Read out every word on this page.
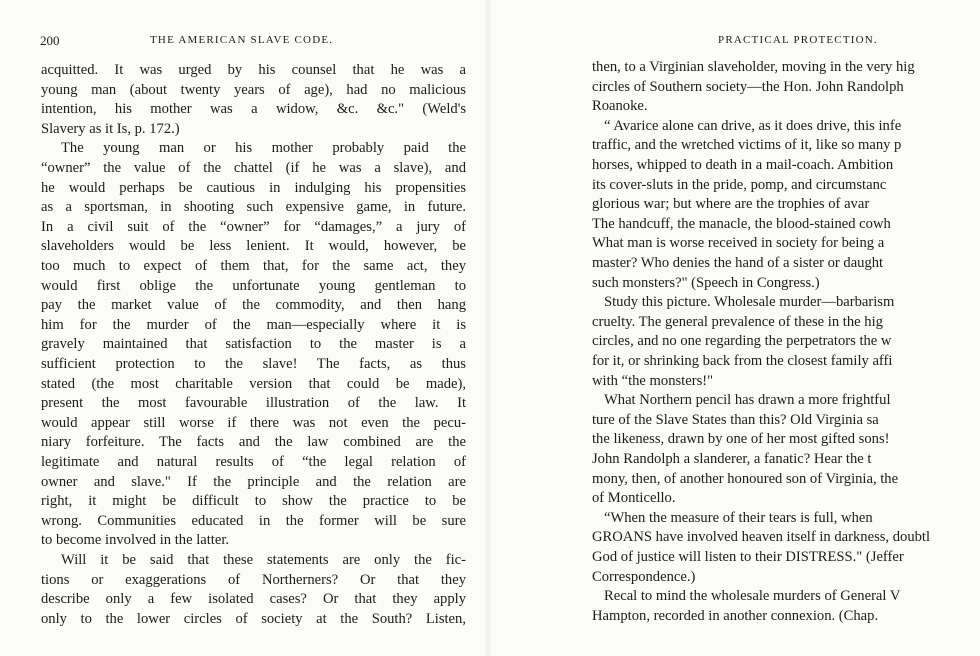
200	THE AMERICAN SLAVE CODE.
acquitted. It was urged by his counsel that he was a
young man (about twenty years of age), had no malicious
intention, his mother was a widow, &c. &c." (Weld's
Slavery as it Is, p. 172.)
The young man or his mother probably paid the
“owner” the value of the chattel (if he was a slave), and
he would perhaps be cautious in indulging his propensities
as a sportsman, in shooting such expensive game, in future.
In a civil suit of the “owner” for “damages,” a jury of
slaveholders would be less lenient. It would, however, be
too much to expect of them that, for the same act, they
would first oblige the unfortunate young gentleman to
pay the market value of the commodity, and then hang
him for the murder of the man—especially where it is
gravely maintained that satisfaction to the master is a
sufficient protection to the slave! The facts, as thus
stated (the most charitable version that could be made),
present the most favourable illustration of the law. It
would appear still worse if there was not even the pecu-
niary forfeiture. The facts and the law combined are the
legitimate and natural results of “the legal relation of
owner and slave." If the principle and the relation are
right, it might be difficult to show the practice to be
wrong. Communities educated in the former will be sure
to become involved in the latter.
Will it be said that these statements are only the fic-
tions or exaggerations of Northerners? Or that they
describe only a few isolated cases? Or that they apply
only to the lower circles of society at the South? Listen,
PRACTICAL PROTECTION.
then, to a Virginian slaveholder, moving in the very hig
circles of Southern society—the Hon. John Randolph
Roanoke.
“ Avarice alone can drive, as it does drive, this infe
traffic, and the wretched victims of it, like so many p
horses, whipped to death in a mail-coach. Ambition
its cover-sluts in the pride, pomp, and circumstanc
glorious war; but where are the trophies of avar
The handcuff, the manacle, the blood-stained cowh
What man is worse received in society for being a
master? Who denies the hand of a sister or daught
such monsters?" (Speech in Congress.)
Study this picture. Wholesale murder—barbarism
cruelty. The general prevalence of these in the hig
circles, and no one regarding the perpetrators the w
for it, or shrinking back from the closest family affi
with “the monsters!"
What Northern pencil has drawn a more frightful
ture of the Slave States than this? Old Virginia sa
the likeness, drawn by one of her most gifted sons!
John Randolph a slanderer, a fanatic? Hear the t
mony, then, of another honoured son of Virginia, the
of Monticello.
“When the measure of their tears is full, when
GROANS have involved heaven itself in darkness, doubtl
God of justice will listen to their DISTRESS." (Jeffer
Correspondence.)
Recal to mind the wholesale murders of General V
Hampton, recorded in another connexion. (Chap.
